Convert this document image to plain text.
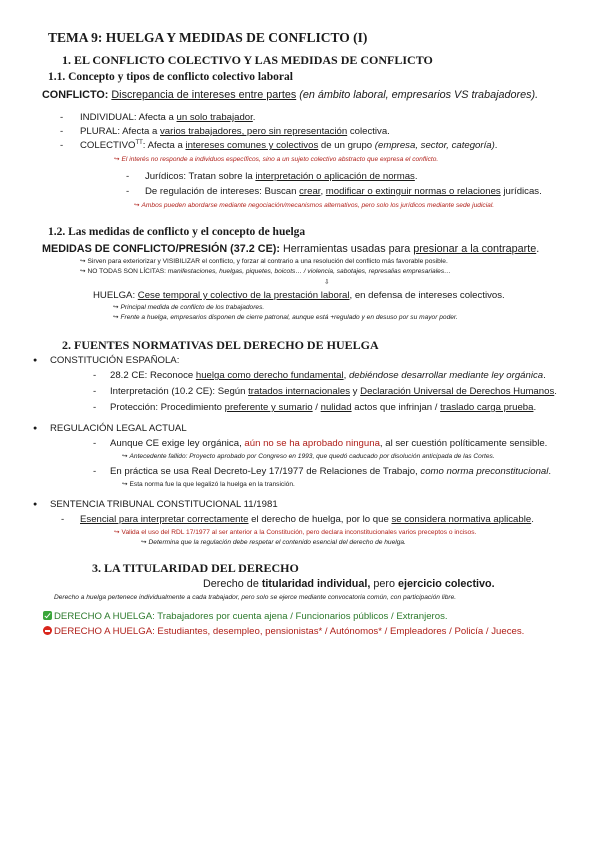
TEMA 9: HUELGA Y MEDIDAS DE CONFLICTO (I)
1. EL CONFLICTO COLECTIVO Y LAS MEDIDAS DE CONFLICTO
1.1. Concepto y tipos de conflicto colectivo laboral
CONFLICTO: Discrepancia de intereses entre partes (en ámbito laboral, empresarios VS trabajadores).
- INDIVIDUAL: Afecta a un solo trabajador.
- PLURAL: Afecta a varios trabajadores, pero sin representación colectiva.
- $COLECTIVO^{TT}$: Afecta a intereses comunes y colectivos de un grupo (empresa, sector, categoría).
↪ El interés no responde a individuos específicos, sino a un sujeto colectivo abstracto que expresa el conflicto.
- Jurídicos: Tratan sobre la interpretación o aplicación de normas.
- De regulación de intereses: Buscan crear, modificar o extinguir normas o relaciones jurídicas.
↪ Ambos pueden abordarse mediante negociación/mecanismos alternativos, pero solo los jurídicos mediante sede judicial.
1.2. Las medidas de conflicto y el concepto de huelga
MEDIDAS DE CONFLICTO/PRESIÓN (37.2 CE): Herramientas usadas para presionar a la contraparte.
↪ Sirven para exteriorizar y VISIBILIZAR el conflicto, y forzar al contrario a una resolución del conflicto más favorable posible.
↪ NO TODAS SON LÍCITAS: manifestaciones, huelgas, piquetes, boicots… / violencia, sabotajes, represalias empresariales…
⇩
HUELGA: Cese temporal y colectivo de la prestación laboral, en defensa de intereses colectivos.
↪ Principal medida de conflicto de los trabajadores.
↪ Frente a huelga, empresarios disponen de cierre patronal, aunque está +regulado y en desuso por su mayor poder.
2. FUENTES NORMATIVAS DEL DERECHO DE HUELGA
● CONSTITUCIÓN ESPAÑOLA:
- 28.2 CE: Reconoce huelga como derecho fundamental, debiéndose desarrollar mediante ley orgánica.
- Interpretación (10.2 CE): Según tratados internacionales y Declaración Universal de Derechos Humanos.
- Protección: Procedimiento preferente y sumario / nulidad actos que infrinjan / traslado carga prueba.
● REGULACIÓN LEGAL ACTUAL
- Aunque CE exige ley orgánica, aún no se ha aprobado ninguna, al ser cuestión políticamente sensible.
↪ Antecedente fallido: Proyecto aprobado por Congreso en 1993, que quedó caducado por disolución anticipada de las Cortes.
- En práctica se usa Real Decreto-Ley 17/1977 de Relaciones de Trabajo, como norma preconstitucional.
↪ Esta norma fue la que legalizó la huelga en la transición.
● SENTENCIA TRIBUNAL CONSTITUCIONAL 11/1981
- Esencial para interpretar correctamente el derecho de huelga, por lo que se considera normativa aplicable.
↪ Valida el uso del RDL 17/1977 al ser anterior a la Constitución, pero declara inconstitucionales varios preceptos o incisos.
↪ Determina que la regulación debe respetar el contenido esencial del derecho de huelga.
3. LA TITULARIDAD DEL DERECHO
Derecho de titularidad individual, pero ejercicio colectivo.
Derecho a huelga pertenece individualmente a cada trabajador, pero solo se ejerce mediante convocatoria común, con participación libre.
DERECHO A HUELGA: Trabajadores por cuenta ajena / Funcionarios públicos / Extranjeros.
DERECHO A HUELGA: Estudiantes, desempleo, pensionistas* / Autónomos* / Empleadores / Policía / Jueces.
